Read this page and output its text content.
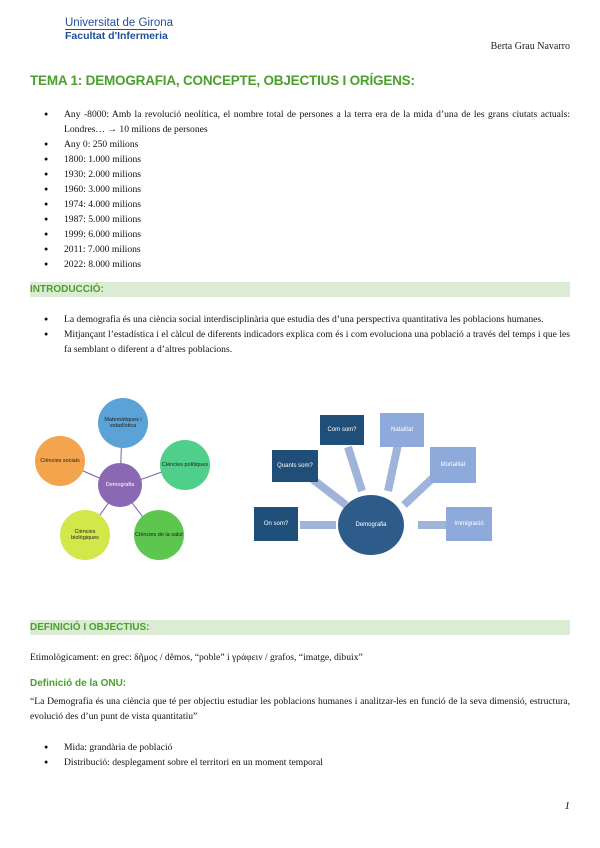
Universitat de Girona
Facultat d'Infermeria
Berta Grau Navarro
TEMA 1: DEMOGRAFIA, CONCEPTE, OBJECTIUS I ORÍGENS:
● Any -8000: Amb la revolució neolítica, el nombre total de persones a la terra era de la mida d’una de les grans ciutats actuals: Londres… → 10 milions de persones
● Any 0: 250 milions
● 1800: 1.000 milions
● 1930: 2.000 milions
● 1960: 3.000 milions
● 1974: 4.000 milions
● 1987: 5.000 milions
● 1999: 6.000 milions
● 2011: 7.000 milions
● 2022: 8.000 milions
INTRODUCCIÓ:
● La demografia és una ciència social interdisciplinària que estudia des d’una perspectiva quantitativa les poblacions humanes.
● Mitjançant l’estadística i el càlcul de diferents indicadors explica com és i com evoluciona una població a través del temps i que les fa semblant o diferent a d’altres poblacions.
Matemàtiques i estadística
Ciències polítiques
Ciències de la salut
Ciències biològiques
Ciències socials
Demografia
Demografia
Quants som?
Com som?	Natalitat
Mortalitat
Immigració
On som?
DEFINICIÓ I OBJECTIUS:
Etimològicament: en grec: δῆμος / dêmos, “poble” i γράφειν / grafos, “imatge, dibuix”
Definició de la ONU:
“La Demografia és una ciència que té per objectiu estudiar les poblacions humanes i analitzar-les en funció de la seva dimensió, estructura, evolució des d’un punt de vista quantitatiu”
● Mida: grandària de població
● Distribució: desplegament sobre el territori en un moment temporal
1
